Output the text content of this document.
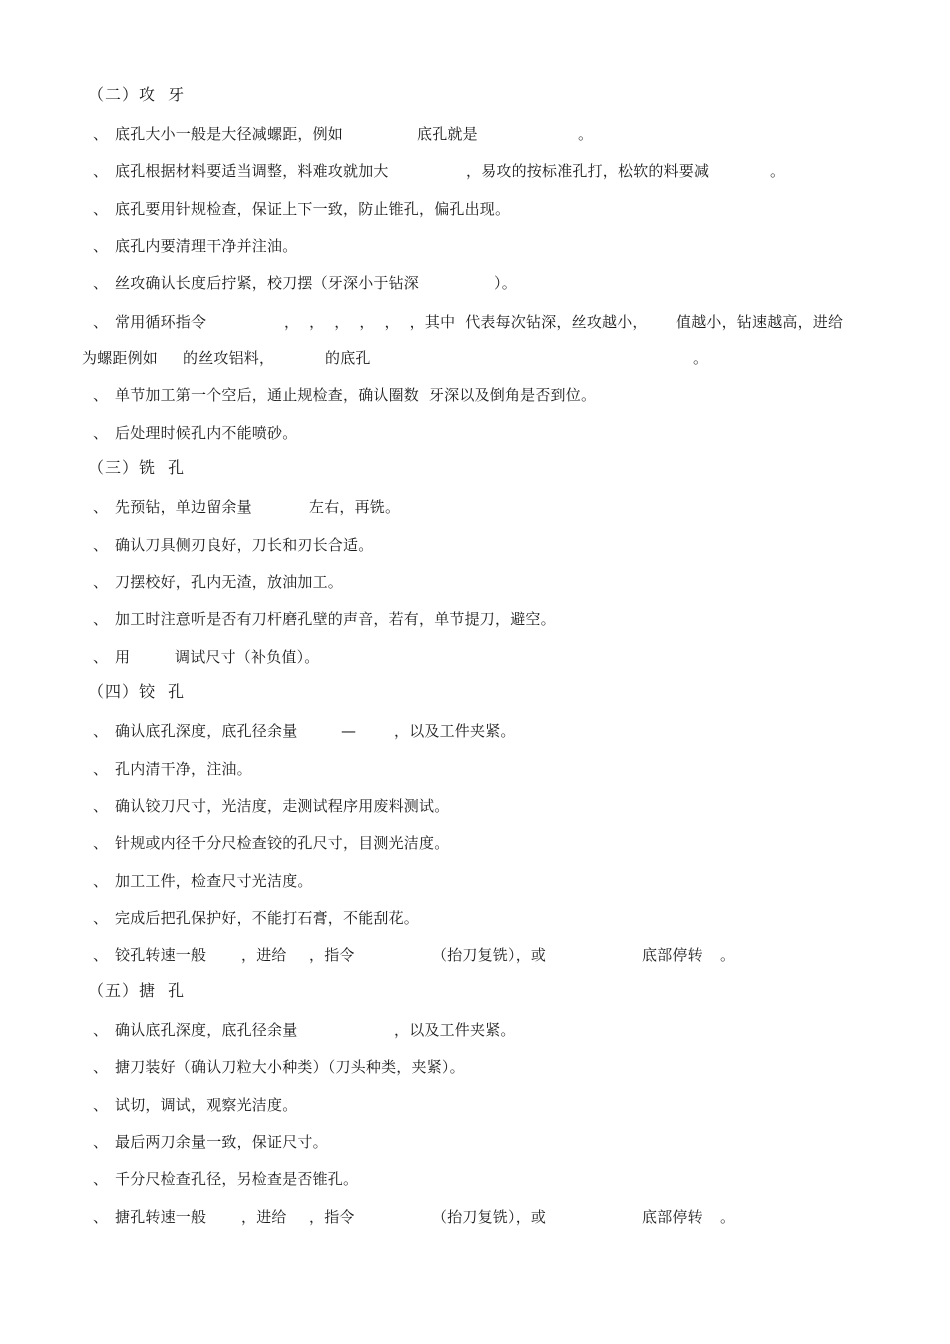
（二）攻  牙
、 底孔大小一般是大径减螺距，例如	底孔就是	。
、 底孔根据材料要适当调整，料难攻就加大	，易攻的按标准孔打，松软的料要减	。
、 底孔要用针规检查，保证上下一致，防止锥孔，偏孔出现。
、 底孔内要清理干净并注油。
、 丝攻确认长度后拧紧，校刀摆（牙深小于钻深	）。
、 常用循环指令	，  ，  ，  ，  ，  ，其中  代表每次钻深，丝攻越小， 值越小，钻速越高，进给
为螺距例如 的丝攻铝料，	的底孔	。
、 单节加工第一个空后，通止规检查，确认圈数  牙深以及倒角是否到位。
、 后处理时候孔内不能喷砂。
（三）铣  孔
、 先预钻，单边留余量	左右，再铣。
、 确认刀具侧刃良好，刀长和刃长合适。
、 刀摆校好，孔内无渣，放油加工。
、 加工时注意听是否有刀杆磨孔壁的声音，若有，单节提刀，避空。
、 用	调试尺寸（补负值）。
（四）铰  孔
、 确认底孔深度，底孔径余量	—	，以及工件夹紧。
、 孔内清干净，注油。
、 确认铰刀尺寸，光洁度，走测试程序用废料测试。
、 针规或内径千分尺检查铰的孔尺寸，目测光洁度。
、 加工工件，检查尺寸光洁度。
、 完成后把孔保护好，不能打石膏，不能刮花。
、 铰孔转速一般 ，进给 ，指令	（抬刀复铣），或	底部停转 。
（五）搪  孔
、 确认底孔深度，底孔径余量	，以及工件夹紧。
、 搪刀装好（确认刀粒大小种类）（刀头种类，夹紧）。
、 试切，调试，观察光洁度。
、 最后两刀余量一致，保证尺寸。
、 千分尺检查孔径，另检查是否锥孔。
、 搪孔转速一般 ，进给 ，指令	（抬刀复铣），或	底部停转 。
